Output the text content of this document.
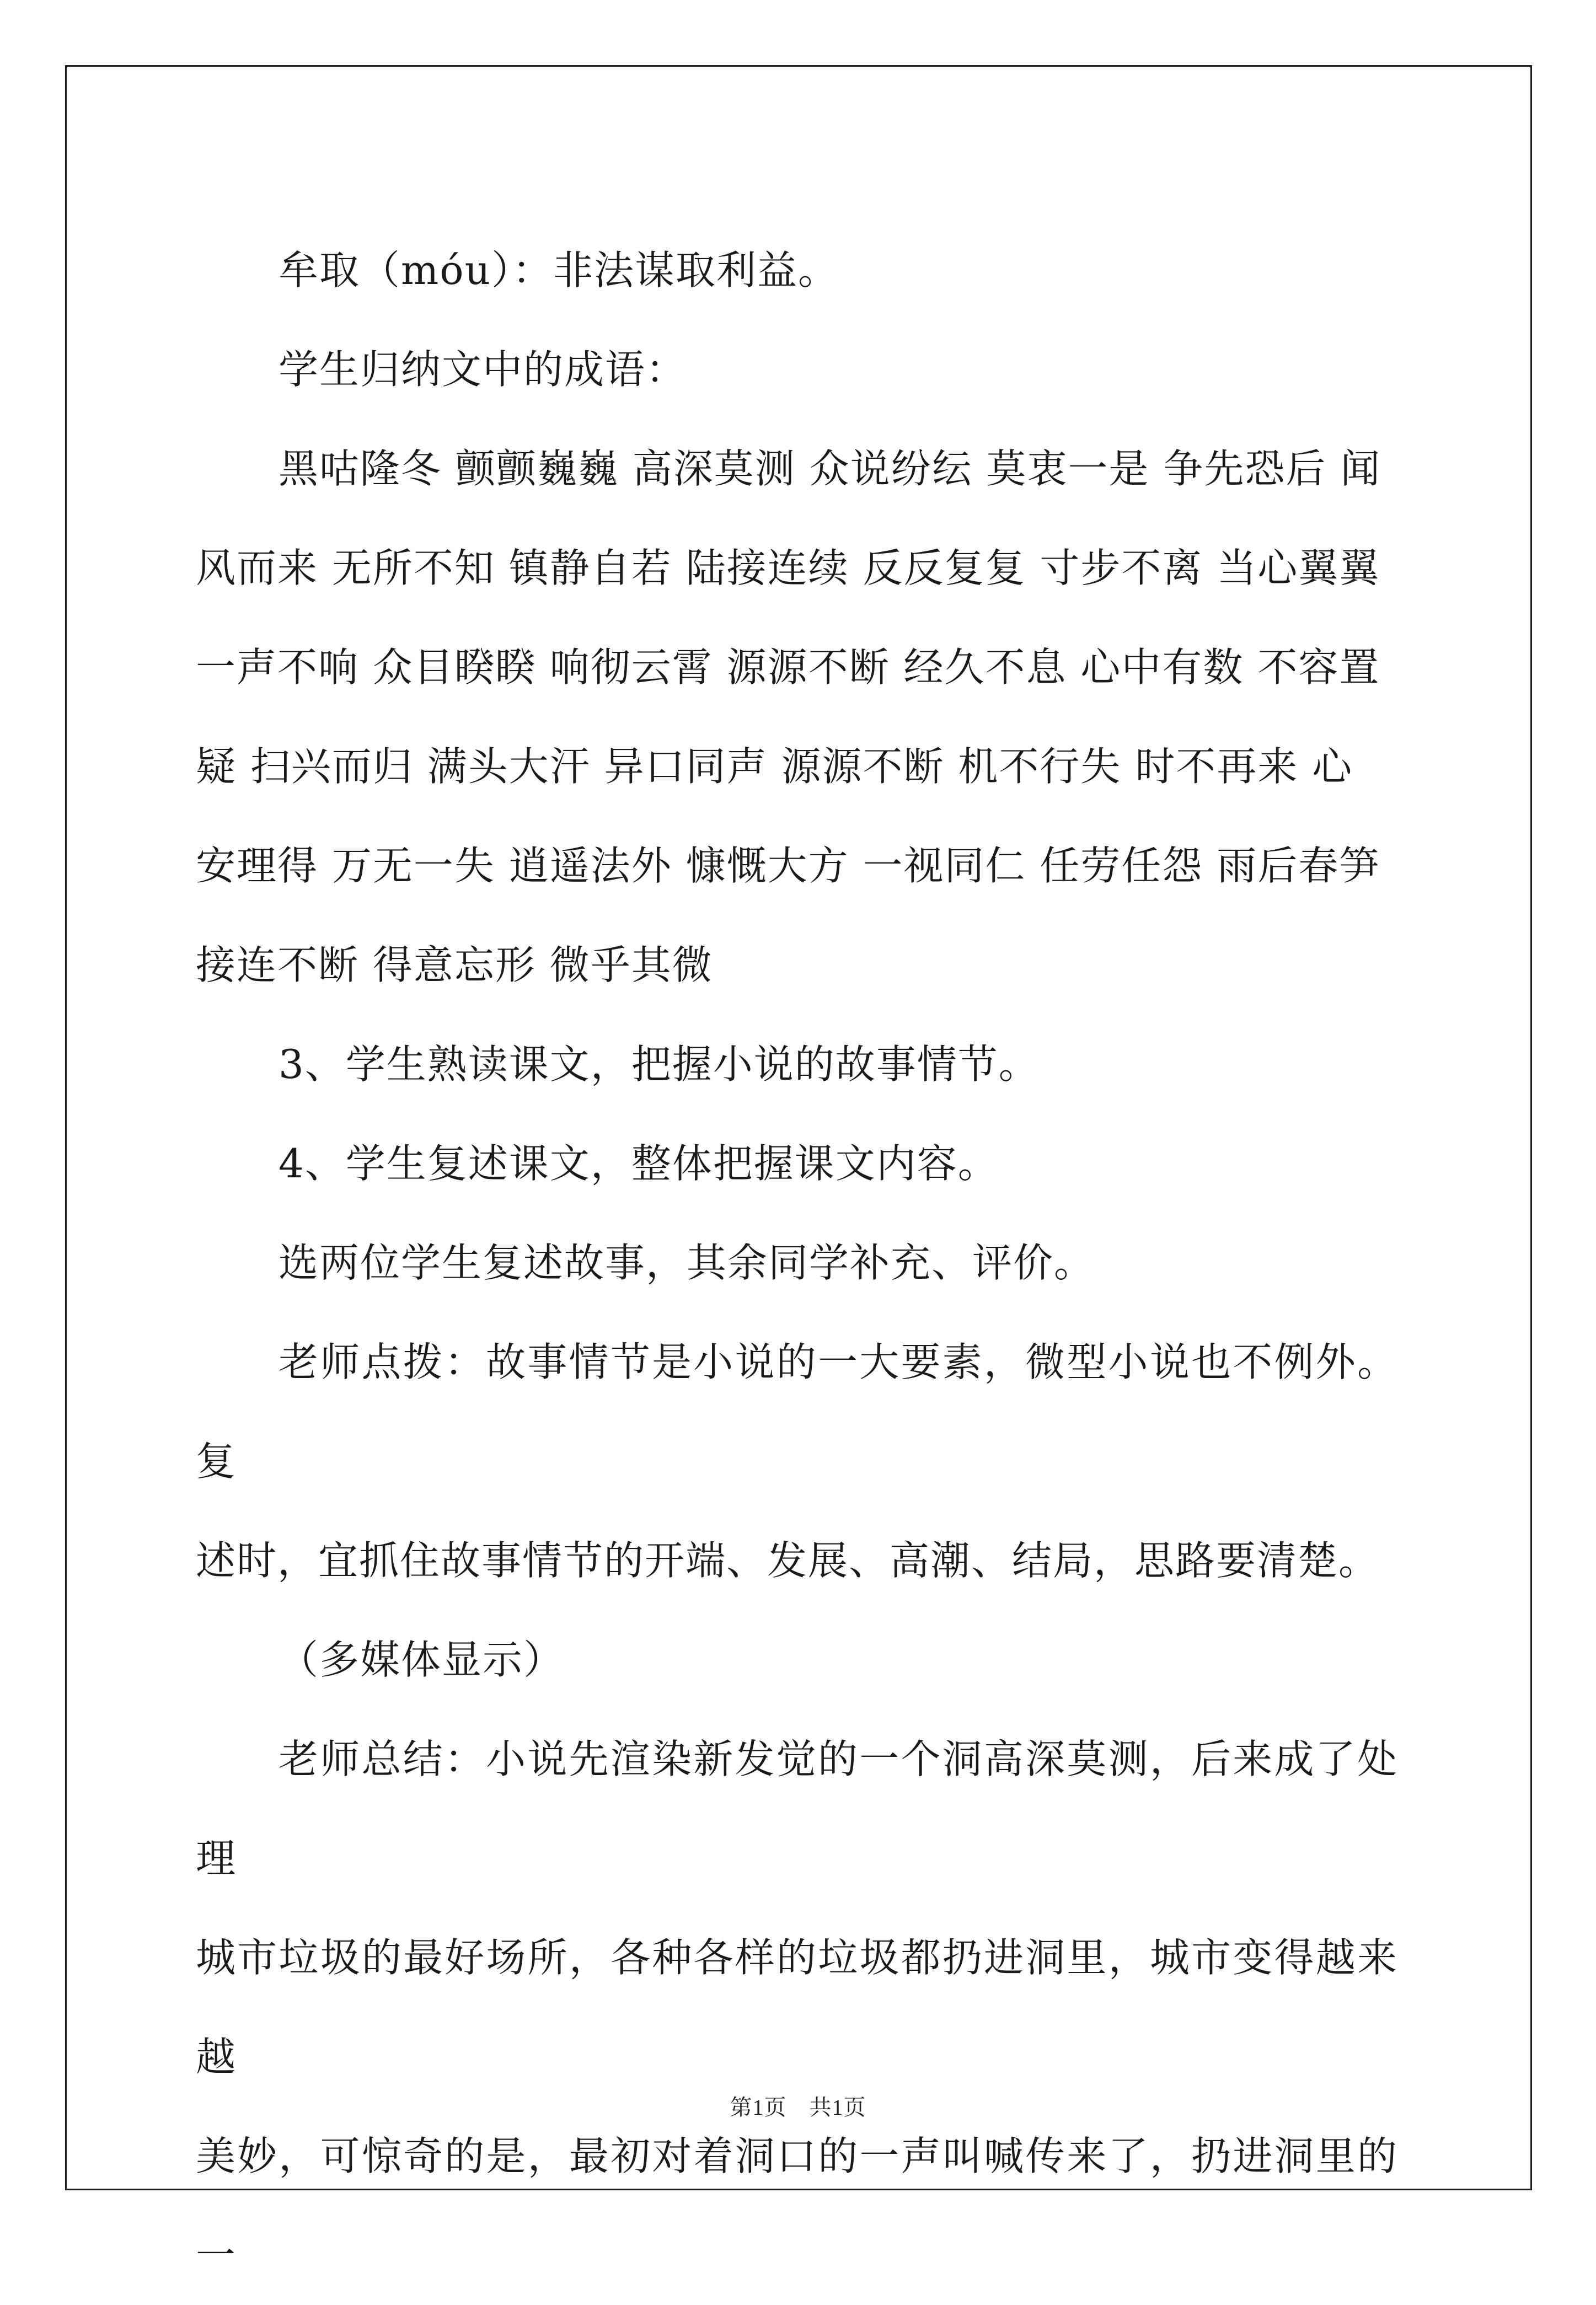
牟取（móu）：非法谋取利益。

学生归纳文中的成语：

黑咕隆冬 颤颤巍巍 高深莫测 众说纷纭 莫衷一是 争先恐后 闻
风而来 无所不知 镇静自若 陆接连续 反反复复 寸步不离 当心翼翼
一声不响 众目睽睽 响彻云霄 源源不断 经久不息 心中有数 不容置
疑 扫兴而归 满头大汗 异口同声 源源不断 机不行失 时不再来 心
安理得 万无一失 逍遥法外 慷慨大方 一视同仁 任劳任怨 雨后春笋
接连不断 得意忘形 微乎其微

3、学生熟读课文，把握小说的故事情节。

4、学生复述课文，整体把握课文内容。

选两位学生复述故事，其余同学补充、评价。

老师点拨：故事情节是小说的一大要素，微型小说也不例外。复
述时，宜抓住故事情节的开端、发展、高潮、结局，思路要清楚。

（多媒体显示）

老师总结：小说先渲染新发觉的一个洞高深莫测，后来成了处理
城市垃圾的最好场所，各种各样的垃圾都扔进洞里，城市变得越来越
美妙，可惊奇的是，最初对着洞口的一声叫喊传来了，扔进洞里的一

第1页　共1页
